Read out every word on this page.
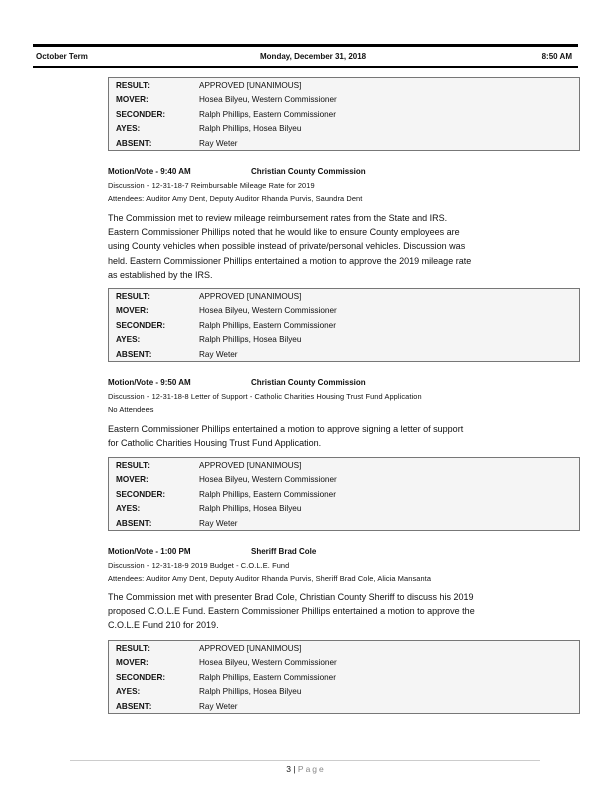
October Term	Monday, December 31, 2018	8:50 AM
RESULT:	APPROVED [UNANIMOUS]
MOVER:	Hosea Bilyeu, Western Commissioner
SECONDER:	Ralph Phillips, Eastern Commissioner
AYES:	Ralph Phillips, Hosea Bilyeu
ABSENT:	Ray Weter
Motion/Vote - 9:40 AM	Christian County Commission
Discussion - 12-31-18-7 Reimbursable Mileage Rate for 2019
Attendees: Auditor Amy Dent, Deputy Auditor Rhanda Purvis, Saundra Dent
The Commission met to review mileage reimbursement rates from the State and IRS.
Eastern Commissioner Phillips noted that he would like to ensure County employees are
using County vehicles when possible instead of private/personal vehicles. Discussion was
held. Eastern Commissioner Phillips entertained a motion to approve the 2019 mileage rate
as established by the IRS.
RESULT:	APPROVED [UNANIMOUS]
MOVER:	Hosea Bilyeu, Western Commissioner
SECONDER:	Ralph Phillips, Eastern Commissioner
AYES:	Ralph Phillips, Hosea Bilyeu
ABSENT:	Ray Weter
Motion/Vote - 9:50 AM	Christian County Commission
Discussion - 12-31-18-8 Letter of Support - Catholic Charities Housing Trust Fund Application
No Attendees
Eastern Commissioner Phillips entertained a motion to approve signing a letter of support
for Catholic Charities Housing Trust Fund Application.
RESULT:	APPROVED [UNANIMOUS]
MOVER:	Hosea Bilyeu, Western Commissioner
SECONDER:	Ralph Phillips, Eastern Commissioner
AYES:	Ralph Phillips, Hosea Bilyeu
ABSENT:	Ray Weter
Motion/Vote - 1:00 PM	Sheriff Brad Cole
Discussion - 12-31-18-9 2019 Budget - C.O.L.E. Fund
Attendees: Auditor Amy Dent, Deputy Auditor Rhanda Purvis, Sheriff Brad Cole, Alicia Mansanta
The Commission met with presenter Brad Cole, Christian County Sheriff to discuss his 2019
proposed C.O.L.E Fund. Eastern Commissioner Phillips entertained a motion to approve the
C.O.L.E Fund 210 for 2019.
RESULT:	APPROVED [UNANIMOUS]
MOVER:	Hosea Bilyeu, Western Commissioner
SECONDER:	Ralph Phillips, Eastern Commissioner
AYES:	Ralph Phillips, Hosea Bilyeu
ABSENT:	Ray Weter
3 | Page
